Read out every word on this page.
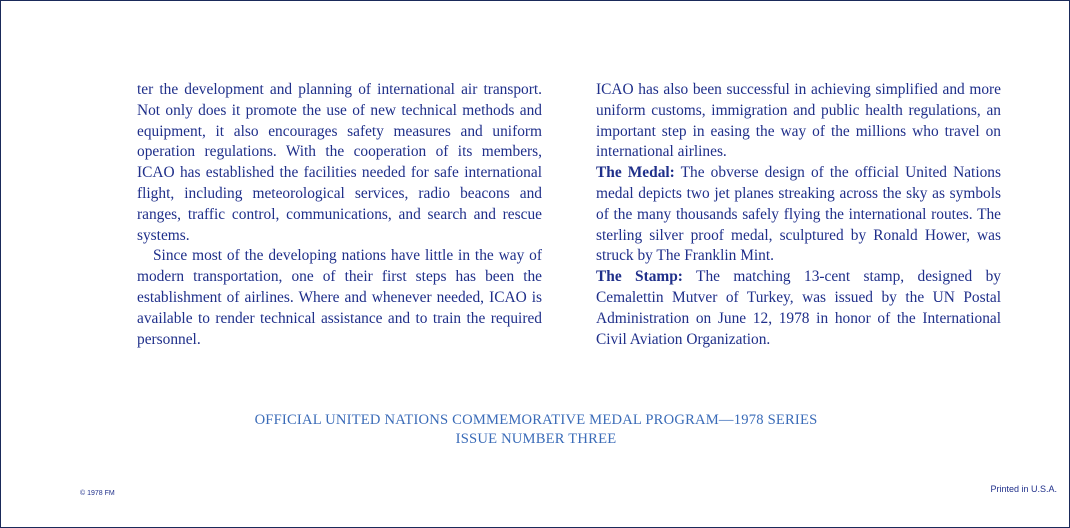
ter the development and planning of international air transport. Not only does it promote the use of new technical methods and equipment, it also encourages safety measures and uniform operation regulations. With the cooperation of its members, ICAO has established the facilities needed for safe international flight, including meteorological services, radio beacons and ranges, traffic control, communications, and search and rescue systems.

Since most of the developing nations have little in the way of modern transportation, one of their first steps has been the establishment of airlines. Where and whenever needed, ICAO is available to render technical assistance and to train the required personnel.

ICAO has also been successful in achieving simplified and more uniform customs, immigration and public health regulations, an important step in easing the way of the millions who travel on international airlines.

The Medal: The obverse design of the official United Nations medal depicts two jet planes streaking across the sky as symbols of the many thousands safely flying the international routes. The sterling silver proof medal, sculptured by Ronald Hower, was struck by The Franklin Mint.

The Stamp: The matching 13-cent stamp, designed by Cemalettin Mutver of Turkey, was issued by the UN Postal Administration on June 12, 1978 in honor of the International Civil Aviation Organization.

OFFICIAL UNITED NATIONS COMMEMORATIVE MEDAL PROGRAM—1978 SERIES
ISSUE NUMBER THREE
© 1978 FM	Printed in U.S.A.
